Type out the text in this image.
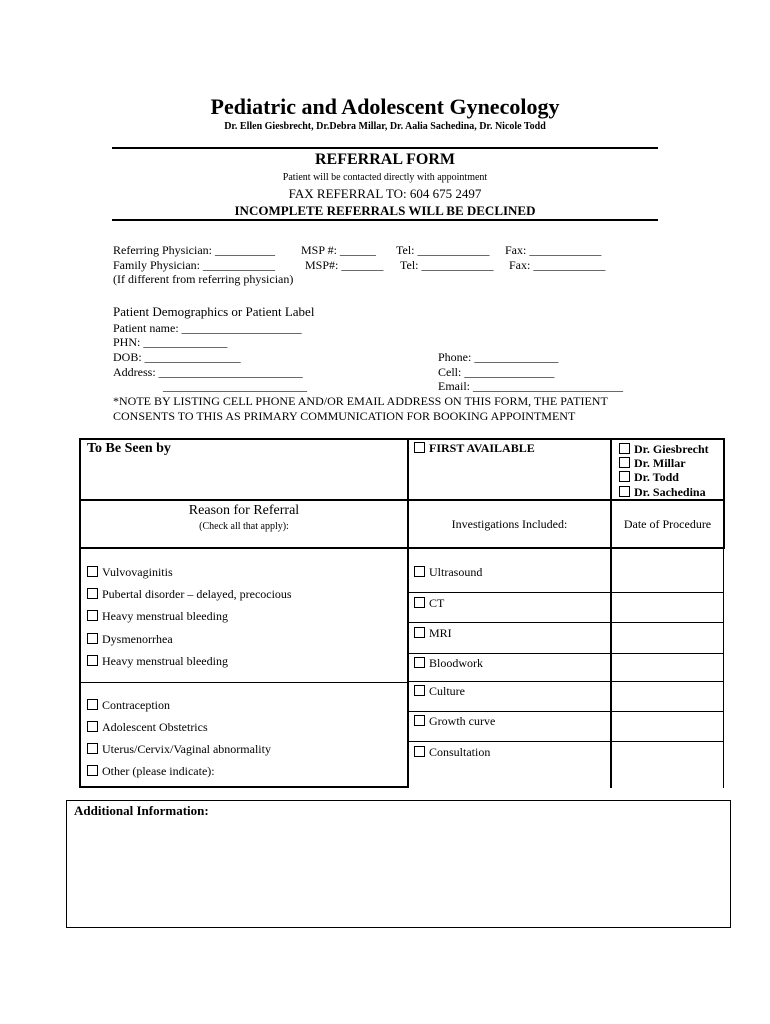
Pediatric and Adolescent Gynecology
Dr. Ellen Giesbrecht, Dr.Debra Millar, Dr. Aalia Sachedina, Dr. Nicole Todd
REFERRAL FORM
Patient will be contacted directly with appointment
FAX REFERRAL TO: 604 675 2497
INCOMPLETE REFERRALS WILL BE DECLINED
Referring Physician: __________ MSP #: ______ Tel: ____________ Fax: ____________
Family Physician: ____________	MSP#: _______ Tel: ____________ Fax: ____________
(If different from referring physician)
Patient Demographics or Patient Label
Patient name: ____________________
PHN: ______________
DOB: ________________
Address: ________________________
________________________
Phone: ______________
Cell: _______________
Email: _________________________
*NOTE BY LISTING CELL PHONE AND/OR EMAIL ADDRESS ON THIS FORM, THE PATIENT
CONSENTS TO THIS AS PRIMARY COMMUNICATION FOR BOOKING APPOINTMENT
To Be Seen by	FIRST AVAILABLE	Dr. Giesbrecht
Dr. Millar
Dr. Todd
Dr. Sachedina
Reason for Referral
(Check all that apply):	Investigations Included:	Date of Procedure
Vulvovaginitis
Pubertal disorder – delayed, precocious
Heavy menstrual bleeding
Dysmenorrhea
Heavy menstrual bleeding
Contraception
Adolescent Obstetrics
Uterus/Cervix/Vaginal abnormality
Other (please indicate):
Ultrasound
CT
MRI
Bloodwork
Culture
Growth curve
Consultation
Additional Information:
